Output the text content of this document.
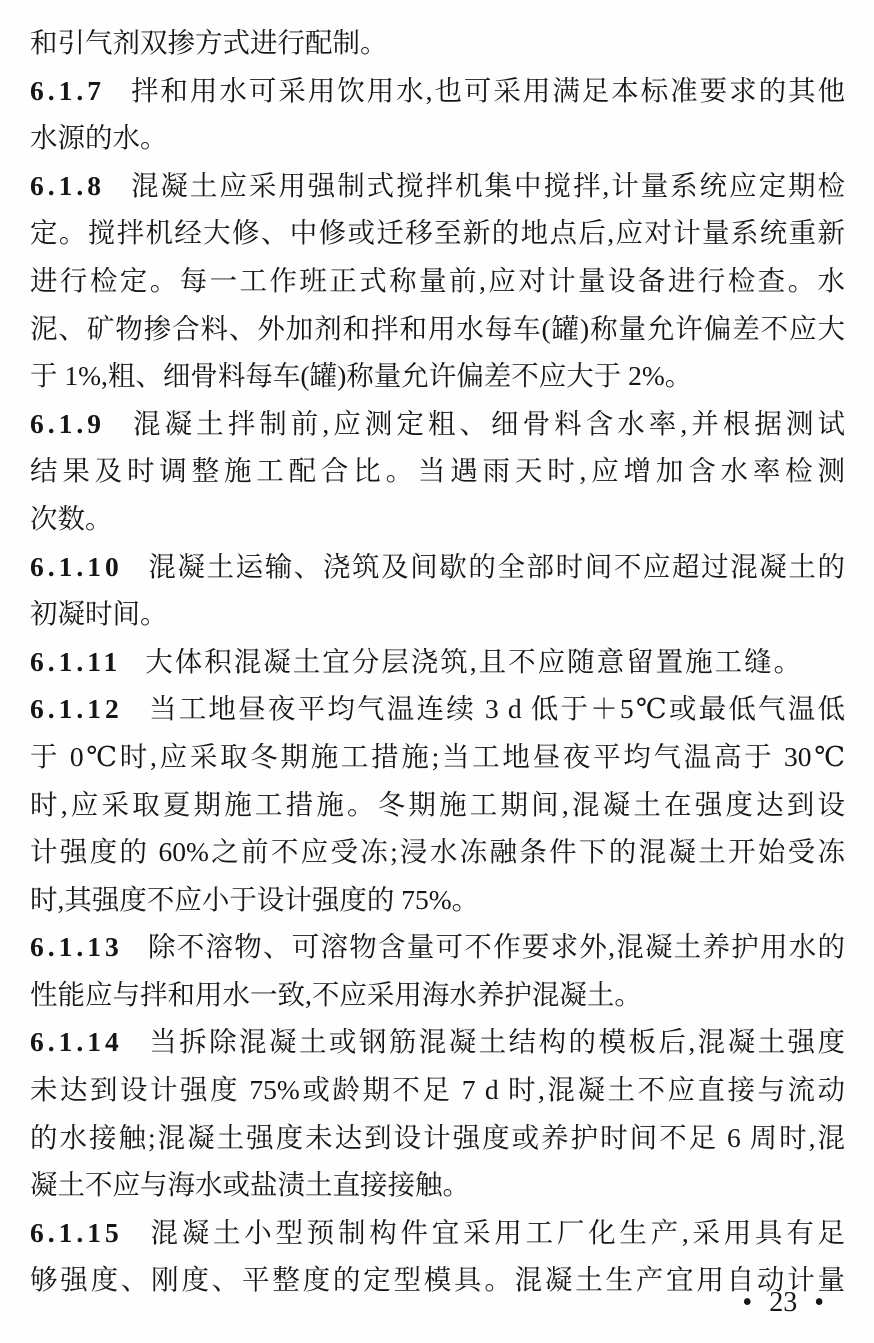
和引气剂双掺方式进行配制。
6.1.7 拌和用水可采用饮用水,也可采用满足本标准要求的其他
水源的水。
6.1.8 混凝土应采用强制式搅拌机集中搅拌,计量系统应定期检
定。搅拌机经大修、中修或迁移至新的地点后,应对计量系统重新
进行检定。每一工作班正式称量前,应对计量设备进行检查。水
泥、矿物掺合料、外加剂和拌和用水每车(罐)称量允许偏差不应大
于 1%,粗、细骨料每车(罐)称量允许偏差不应大于 2%。
6.1.9 混凝土拌制前,应测定粗、细骨料含水率,并根据测试
结果及时调整施工配合比。当遇雨天时,应增加含水率检测
次数。
6.1.10 混凝土运输、浇筑及间歇的全部时间不应超过混凝土的
初凝时间。
6.1.11 大体积混凝土宜分层浇筑,且不应随意留置施工缝。
6.1.12 当工地昼夜平均气温连续 3 d 低于＋5℃或最低气温低
于 0℃时,应采取冬期施工措施;当工地昼夜平均气温高于 30℃
时,应采取夏期施工措施。冬期施工期间,混凝土在强度达到设
计强度的 60%之前不应受冻;浸水冻融条件下的混凝土开始受冻
时,其强度不应小于设计强度的 75%。
6.1.13 除不溶物、可溶物含量可不作要求外,混凝土养护用水的
性能应与拌和用水一致,不应采用海水养护混凝土。
6.1.14 当拆除混凝土或钢筋混凝土结构的模板后,混凝土强度
未达到设计强度 75%或龄期不足 7 d 时,混凝土不应直接与流动
的水接触;混凝土强度未达到设计强度或养护时间不足 6 周时,混
凝土不应与海水或盐渍土直接接触。
6.1.15 混凝土小型预制构件宜采用工厂化生产,采用具有足
够强度、刚度、平整度的定型模具。混凝土生产宜用自动计量
• 23 •
